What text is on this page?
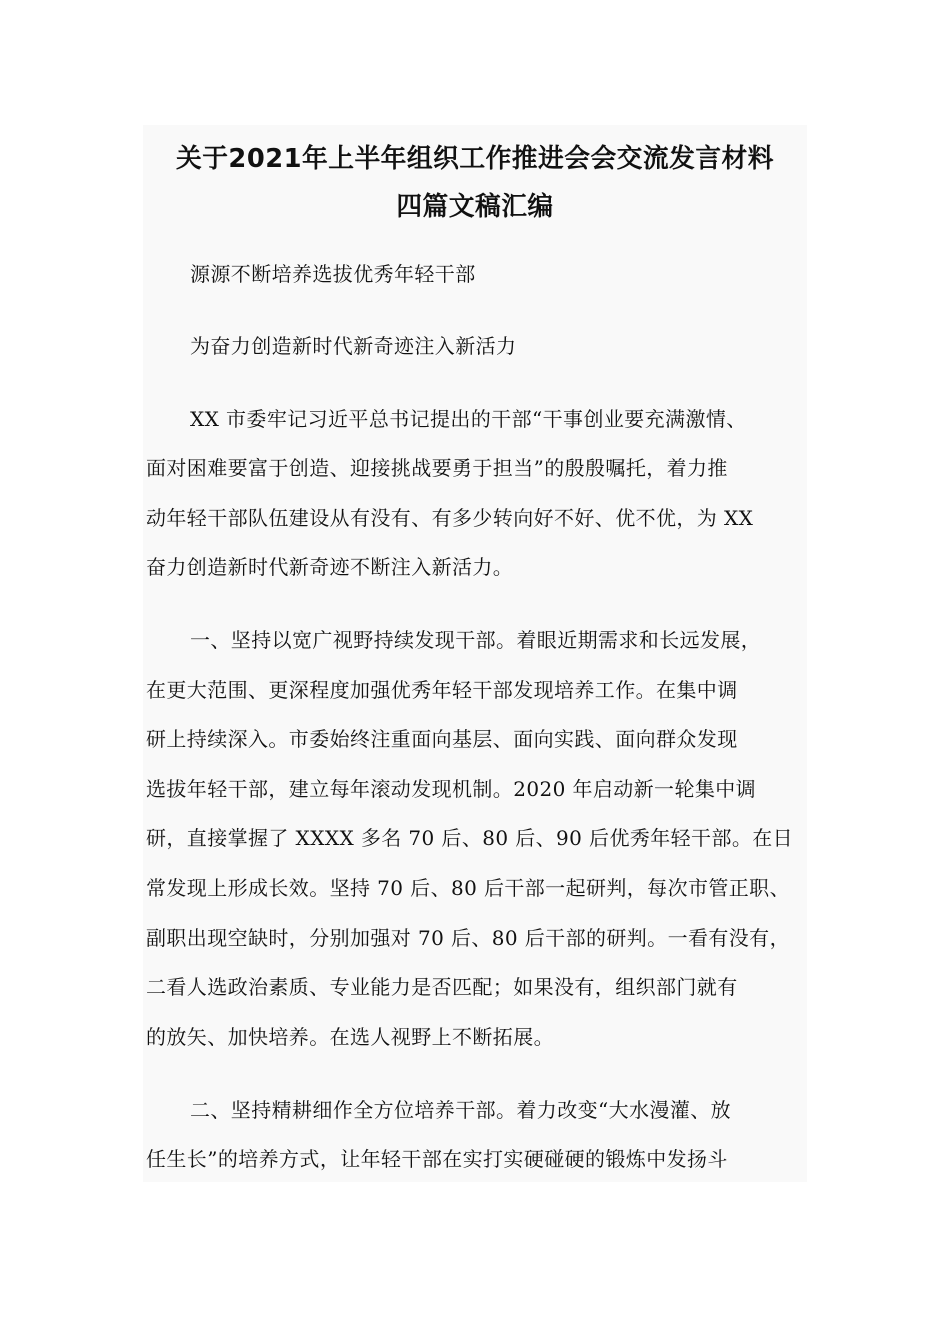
关于2021年上半年组织工作推进会会交流发言材料
四篇文稿汇编
源源不断培养选拔优秀年轻干部
为奋力创造新时代新奇迹注入新活力
XX 市委牢记习近平总书记提出的干部“干事创业要充满激情、
面对困难要富于创造、迎接挑战要勇于担当”的殷殷嘱托，着力推
动年轻干部队伍建设从有没有、有多少转向好不好、优不优，为 XX
奋力创造新时代新奇迹不断注入新活力。
一、坚持以宽广视野持续发现干部。着眼近期需求和长远发展，
在更大范围、更深程度加强优秀年轻干部发现培养工作。在集中调
研上持续深入。市委始终注重面向基层、面向实践、面向群众发现
选拔年轻干部，建立每年滚动发现机制。2020 年启动新一轮集中调
研，直接掌握了 XXXX 多名 70 后、80 后、90 后优秀年轻干部。在日
常发现上形成长效。坚持 70 后、80 后干部一起研判，每次市管正职、
副职出现空缺时，分别加强对 70 后、80 后干部的研判。一看有没有，
二看人选政治素质、专业能力是否匹配；如果没有，组织部门就有
的放矢、加快培养。在选人视野上不断拓展。
二、坚持精耕细作全方位培养干部。着力改变“大水漫灌、放
任生长”的培养方式，让年轻干部在实打实硬碰硬的锻炼中发扬斗
